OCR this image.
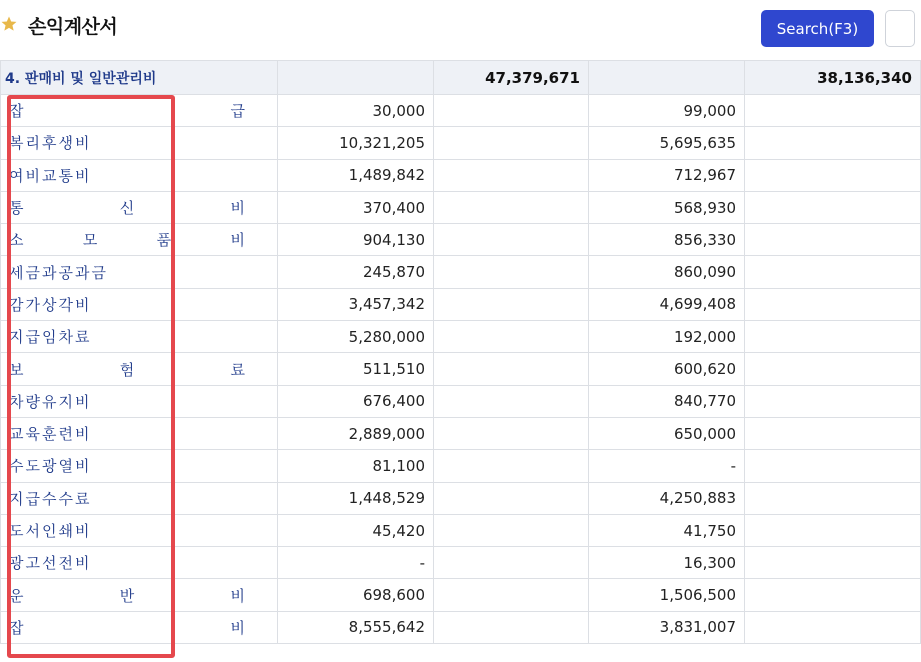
손익계산서	Search(F3)
4. 판매비 및 일반관리비		47,379,671		38,136,340

잡 급	30,000		99,000	

복리후생비	10,321,205		5,695,635	

여비교통비	1,489,842		712,967	

통 신 비	370,400		568,930	

소 모 품 비	904,130		856,330	

세금과공과금	245,870		860,090	

감가상각비	3,457,342		4,699,408	

지급임차료	5,280,000		192,000	

보 험 료	511,510		600,620	

차량유지비	676,400		840,770	

교육훈련비	2,889,000		650,000	

수도광열비	81,100		-	

지급수수료	1,448,529		4,250,883	

도서인쇄비	45,420		41,750	

광고선전비	-		16,300	

운 반 비	698,600		1,506,500	

잡 비	8,555,642		3,831,007	
